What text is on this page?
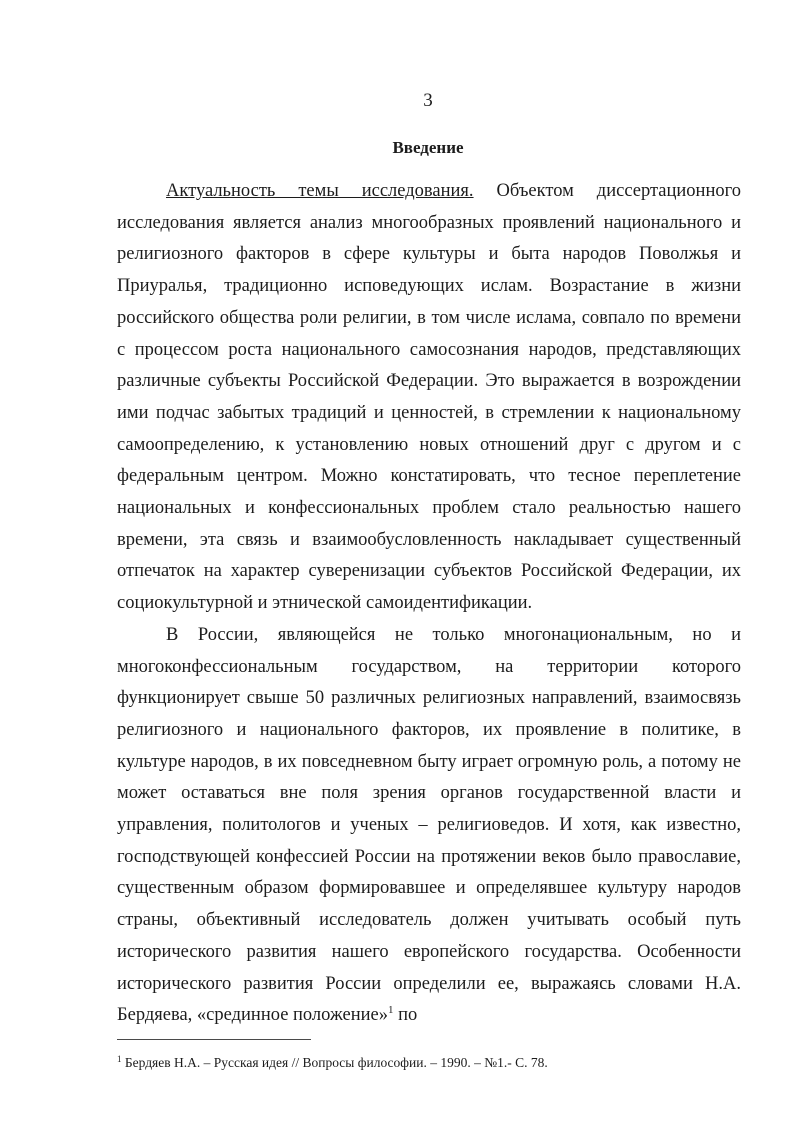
3
Введение

Актуальность темы исследования. Объектом диссертационного исследования является анализ многообразных проявлений национального и религиозного факторов в сфере культуры и быта народов Поволжья и Приуралья, традиционно исповедующих ислам. Возрастание в жизни российского общества роли религии, в том числе ислама, совпало по времени с процессом роста национального самосознания народов, представляющих различные субъекты Российской Федерации. Это выражается в возрождении ими подчас забытых традиций и ценностей, в стремлении к национальному самоопределению, к установлению новых отношений друг с другом и с федеральным центром. Можно констатировать, что тесное переплетение национальных и конфессиональных проблем стало реальностью нашего времени, эта связь и взаимообусловленность накладывает существенный отпечаток на характер суверенизации субъектов Российской Федерации, их социокультурной и этнической самоидентификации.

В России, являющейся не только многонациональным, но и многоконфессиональным государством, на территории которого функционирует свыше 50 различных религиозных направлений, взаимосвязь религиозного и национального факторов, их проявление в политике, в культуре народов, в их повседневном быту играет огромную роль, а потому не может оставаться вне поля зрения органов государственной власти и управления, политологов и ученых – религиоведов. И хотя, как известно, господствующей конфессией России на протяжении веков было православие, существенным образом формировавшее и определявшее культуру народов страны, объективный исследователь должен учитывать особый путь исторического развития нашего европейского государства. Особенности исторического развития России определили ее, выражаясь словами Н.А. Бердяева, «срединное положение»$^1$ по

$^1$ Бердяев Н.А. – Русская идея // Вопросы философии. – 1990. – №1.- С. 78.
